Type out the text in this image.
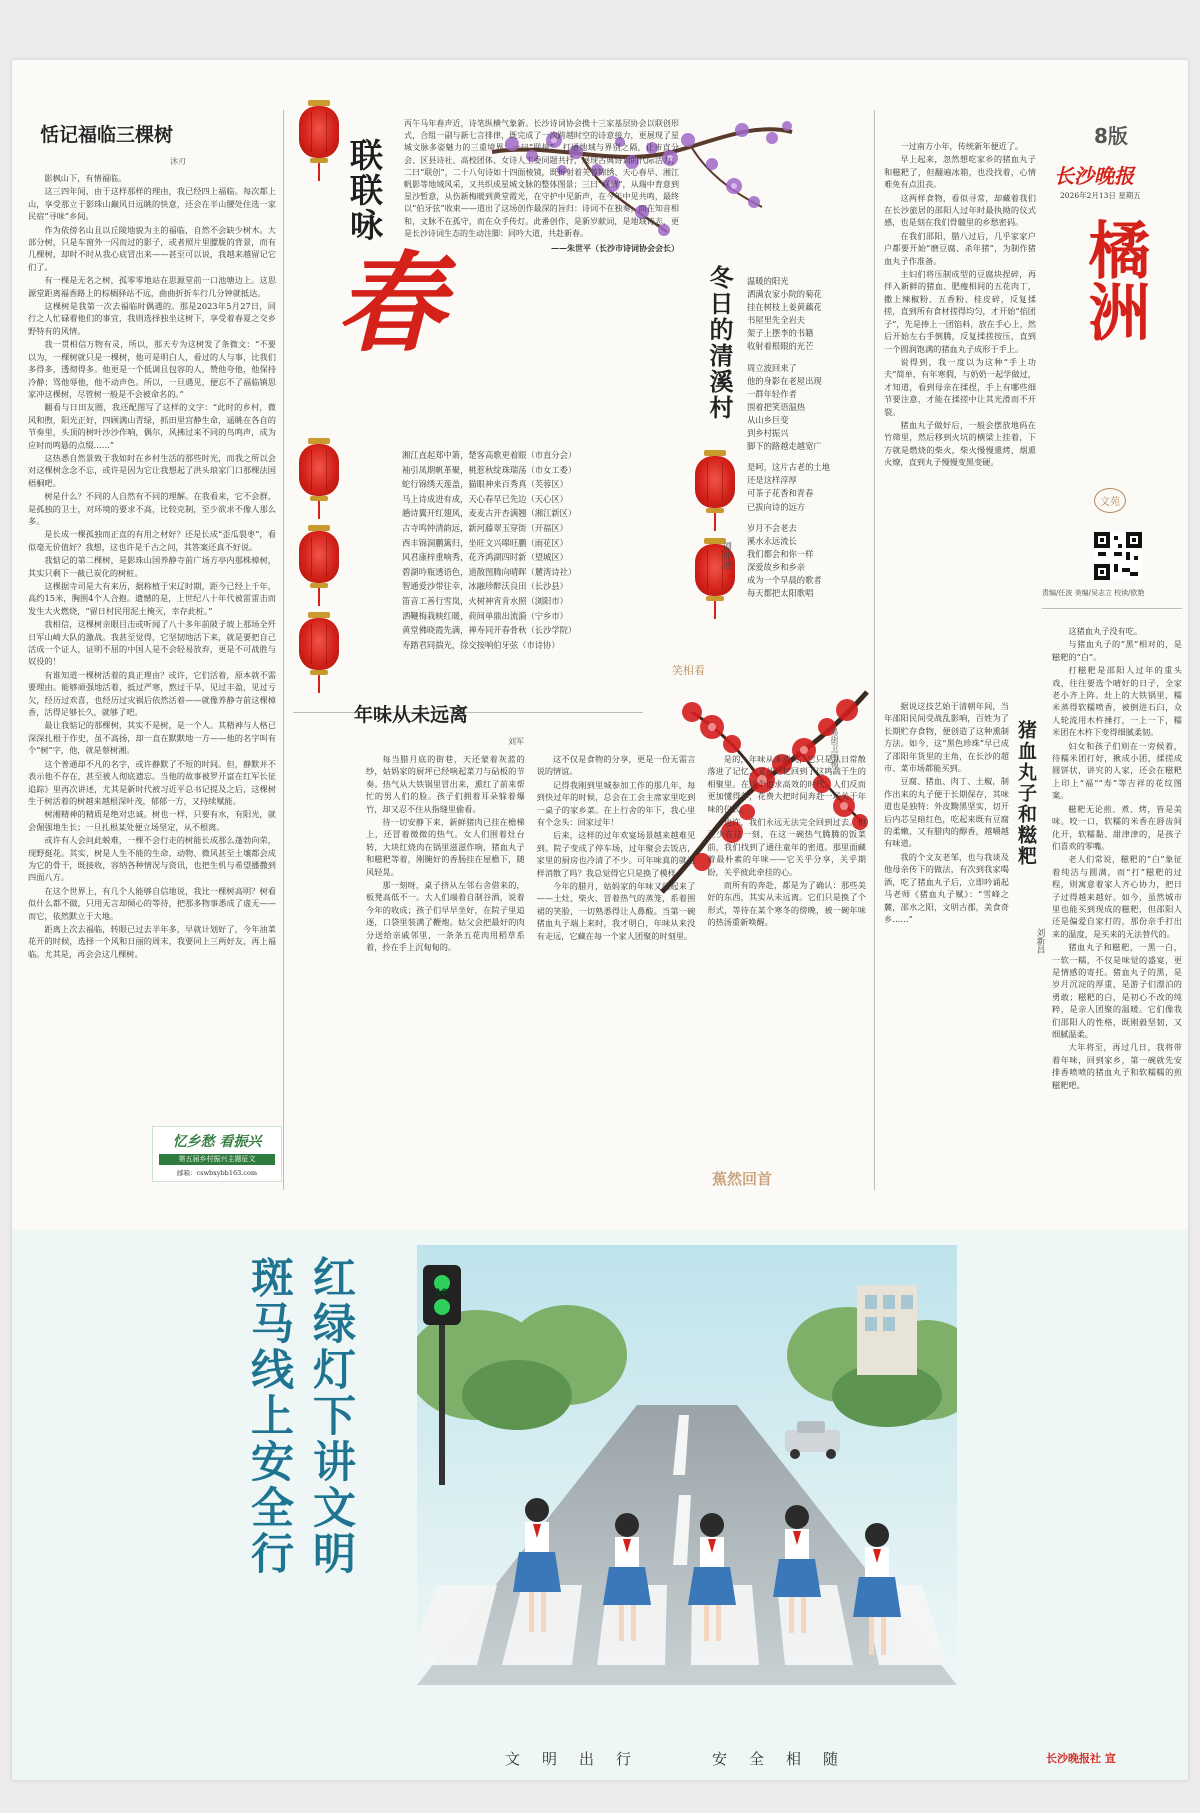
恬记福临三棵树
沐刃

影枫山下，有情福临。

这三四年间，由于这样那样的理由，我已经四上福临。每次都上山，享受那立于影珠山巅风日远眺的快意，还会在半山腰处住选一家民宿“寻味”乡间。

作为依傍名山且以丘陵地貌为主的福临，自然不会缺少树木。大部分树，只是车窗外一闪而过的影子，或者照片里朦胧的背景，而有几棵树，却时不时从我心底冒出来——甚至可以说，我越来越留记它们了。

有一棵是无名之树，孤零零地站在思源堂前一口池塘边上。这思源堂距离福香路上的棕榈驿站不远，曲曲折折车行几分钟就抵达。

这棵树是我第一次去福临时偶遇的。那是2023年5月27日，同行之人忙碌着他们的事宜，我则选择独坐这树下，享受着春夏之交乡野特有的风情。

我一贯相信万物有灵，所以，那天专为这树发了条微文：“不要以为，一棵树就只是一棵树，他可是明白人，看过的人与事，比我们多得多，透彻得多。他更是一个低调且包容的人，赞他夸他，他保持冷静；骂他辱他，他不动声色。所以，一旦遇见，便忘不了福临镇思家冲这棵树，尽管树一般是不会被命名的。”

翻看与日田友圈，我还配图写了这样的文字：“此时的乡村，微风和煦，阳光正好，四顾满山青绿，抓田里宫静生命，遥眺在各自的节奏里，头顶的树叶沙沙作响，偶尔，风拂过来不同的鸟鸣声，成为应时而鸣悬的点缀……”

这热悉自然景致于我如时在乡村生活的那些时光，而我之所以会对这棵树念念不忘，或许是因为它让我想起了洪头琅家门口那棵法国梧桐吧。

树是什么？不同的人自然有不同的理解。在我看来，它不会群，是孤独的卫士，对环境的要求不高，比较克制，至少欲求不像人那么多。

是长成一棵孤独而正直的有用之材好？还是长成“歪瓜裂枣”，看似毫无价值好？我想，这也许是千古之问，其答案还真不好说。

我惦记的第二棵树，是影珠山国养静寺前广场方亭内那株樟树，其实只剩下一截已炭化的树桩。

这棵据寺司是大有来历，据称植于宋辽时期，距今已经上千年，高约15米，胸围4个人合抱。遗憾的是，上世纪八十年代被雷雷击而发生大火燃烧，“留日村民用泥土掩灭，幸存此桩。”

我相信，这棵树亲眼目击或听闻了八十多年前陂子坡上那场全歼日军山崎大队的激战。我甚至觉得，它坚韧地活下来，就是要把自己活成一个证人，证明不屈的中国人是不会轻易放弃，更是不可战胜与奴役的！

有谁知道一棵树活着的真正理由？或许，它们活着，原本就不需要理由。能够顽强地活着，抵过严寒，熬过干旱，见过丰盈，见过亏欠，经历过欢喜，也经历过灾祸后依然活着——就像养静寺前这棵樟香，活得足够长久，就够了吧。

最让我惦记的那棵树，其实不是树，是一个人。其精神与人格已深深扎根于作史，虽不高扬，却一直在默默地一方——他的名字叫有个“树”字，他，就是蔡树湘。

这个普通却不凡的名字，或许静默了不短的时间。但，静默并不表示他不存在，甚至被人彻底遗忘。当他的故事被罗开富在红军长征追踪》里再次讲述，尤其是新时代被习近平总书记提及之后，这棵树生于树活着的树越来越根深叶茂，郁郁一方，又持续赋能。

树湘精神的精质是绝对忠诚。树也一样，只要有水，有阳光，就会倔强地生长；一旦扎根某处便立场坚定，从不根离。

或许有人会问此蜕难，一棵不会行走的树能长成那么蓬勃向荣，现野挺花。其实，树是人生不能的生命，动物、微风甚至土壤都会成为它的骨干，既接收，容纳各种情况与资讯，也把生机与希望播撒到四面八方。

在这个世界上，有几个人能够自信地说，我比一棵树高明？树看似什么都不做，只用无言却倾心的等待，把那多物事悉成了虚无——而它，依然默立于大地。

距离上次去福临，转眼已过去半年多，早就计划好了，今年油菜花开的时候，选择一个风和日丽的周末，我要同上三两好友，再上福临。尤其是，再会会这几棵树。

忆乡愁 看振兴
第五届乡村振兴主题征文
邮箱：cswbxybb163.com
联联咏
春
丙午马年春声近，诗笔纵横气象新。长沙诗词协会携十三家基层协会以联创形式，合组一副与新七言排律，既完成了一次跨越时空的诗意接力，更展现了星城文脉多姿魅力的三重境界：一曰“联接”，打通地域与界别之隔，让市直分会、区县诗社、高校团体、女诗人工委同题共抒，展现古典诗词的代际活力；二曰“联创”，二十八句诗如十四面棱镜，既折射着芙蓉锦绣、天心春早、湘江帆影等地域风采，又共织成星城文脉的整体图景；三曰“联情”，从瑞中育意到星沙暂意，从伤新梅暖到黄堂霞光，在守护中见新声，在今年中见共鸣，最终以“伯牙弦”收束——道出了这场创作最深的旨归：诗词不在独奏，而在知音相和，文脉不在孤守，而在众手传灯。此番创作，是新岁献词，是地域诗志，更是长沙诗词生态的生动注脚：同吟大道，共赴新春。
——朱世平（长沙市诗词协会会长）
湘江直起郑中箫，楚客高歌更着眼（市直分会）
袖引凤期帆革聚，桃惹秋绽珠瑞荡（市女工委）
蛇行锦绣天莲盖，猫眼神来百秀真（芙蓉区）
马上诗成进有成，天心春早已先边（天心区）
趟诗翼开红翅风，麦麦古开杏满翘（湘江新区）
古寺鸣钟清韵远，新河藤翠玉穿街（开福区）
西丰锦洞鹏篱归，坐旺文兴嗥旺鹏（雨花区）
风君康梓重响秀，花齐鸿湖四时新（望城区）
碧湖吟瓶透语色，道散图腾向晴晖（麓湾诗社）
智通爱沙带往幸，冰融珍醉沃良田（长沙县）
笛音工善行雪岚，火树神宵肯水照（浏阳市）
洒鞭梅栽映红暖，荷间单鼎出流漪（宁乡市）
黄堂佛晓霞先满，禅寿同开春骨秋（长沙学院）
寿踏君同揣光，徐交按响伯牙弦（市诗协）
笑相看
冬日的清溪村
谭仲池
温暖的阳光
洒满农家小院的菊花
挂在树枝上姜黄藕花
书屋里先全岩夫
架子上摆李的书籍
收射着根眼的光芒
周立波回来了
他的身影在老屋出现
一群年轻作者
围着把笑语温热
从山乡巨变
到乡村振兴
脚下的路越走越宽广
是呵，这片古老的土地
还是这样淳厚
可茶子花香和青春
已拔向诗的远方
岁月不会老去
溪水永远流长
我们都会和你一样
深爱故乡和乡亲
成为一个早晨的歌者
每天都把太阳歌唱
易街卫画梅
年味从未远离
刘军

每当腊月底的街巷，天还蒙着灰蓝的纱，姑妈家的厨坪已经响起菜刀与砧板的节奏。热气从大铁锅里冒出来，熏红了前来帮忙的男人们的脸。孩子们拥着耳朵躲着爆竹，却又忍不住从指缝里偷看。

待一切安静下来，新鲜猪肉已挂在檐梯上，还冒着微微的热气。女人们围着灶台转，大块红烧肉在锅里滋滋作响，猪血丸子和糍粑等着，刚腌好的香肠挂在屋檐下，随风轻晃。

那一刻呀，桌子挤从左邻右舍借来的，板凳高低不一。大人们端着自制谷酒，说着今年的收成；孩子们早早坐好，在院子里追逐，口袋里装满了鞭炮。姑父会把最好的肉分送给亲戚邻里，一条条五花肉用稻草系着，拎在手上沉甸甸的。

这不仅是食物的分享，更是一份无需言说的情谊。

记得我刚到里城参加工作的那几年，每到快过年的时候，总会在工会主席家里吃到一桌子的家乡菜。在上行舍的年下，我心里有个念头：回家过年！

后来，这样的过年欢宴场景越来越难见到。院子变成了停车场，过年聚会去饭店，家里的厨房也冷清了不少。可年味真的就这样消散了吗？我总觉得它只是换了模样。

今年的腊月，姑妈家的年味又闹起来了——土灶、柴火、冒着热气的蒸笼，系着围裙的笑脸，一切熟悉得让人鼻酸。当第一碗猪血丸子端上来时，我才明白，年味从来没有走远，它藏在每一个家人团聚的时刻里。

是的，年味从未消失，它只是从日常散落进了记忆，又从记忆回到了这鸣蔬于生的相聚里。在这个追求高效的时代，人们反而更加懂得年，花费大把时间奔赴一场关于年味的仪式。

也许，我们永远无法完全回到过去。但至少在这一刻，在这一碗热气腾腾的饭菜前，我们找到了通往童年的密道。那里面藏着最朴素的年味——它关乎分享，关乎期盼，关乎彼此牵挂的心。

而所有的奔赴，都是为了确认：那些美好的东西，其实从未远离。它们只是换了个形式，等待在某个寒冬的傍晚，被一碗年味的热汤重新唤醒。

蕉然回首

一过南方小年，传统新年便近了。

早上起来，忽然想吃家乡的猪血丸子和糍粑了，但翻遍冰箱，也没找着，心情难免有点沮丧。

这两样食物，看似寻常，却藏着我们在长沙旅居的邵阳人过年时最执拗的仪式感，也是刻在我们骨髓里的乡愁密码。

在我们邵阳，腊八过后，几乎家家户户都要开始“磨豆腐、杀年猪”，为制作猪血丸子作准备。

主妇们将压制成型的豆腐块捏碎，再拌入新鲜的猪血、肥瘦相间的五花肉丁，撒上辣椒粉、五香粉、桂皮碎，反复揉搓，直到所有食材搓得均匀，才开始“掐团子”，先是捧上一团馅料，放在手心上，然后开始左右手倒腾，反复揉搓按压，直到一个圆润饱满的猪血丸子成形于手上。

说得到，我一度以为这种“手上功夫”简单，有年寒假，与奶奶一起学做过，才知道，看到母亲在揉捏，手上有哪些细节要注意，才能在揉搓中让其光滑而不开裂。

猪血丸子做好后，一般会摆放地码在竹筛里，然后移到火坑的横梁上挂着，下方就是燃烧的柴火，柴火慢慢熏烤，烟熏火燎，直到丸子慢慢变黑变硬。

8版
长沙晚报
2026年2月13日 星期五
橘洲
文苑
责编/任波 美编/吴志立 校读/欧艳
猪血丸子和糍粑
刘新昌

据说这技艺始于清朝年间，当年邵阳民间受战乱影响，百姓为了长期贮存食物，便创造了这种熏制方法。如今，这“黑色珍珠”早已成了邵阳年货里的主角，在长沙的超市、菜市场都能买到。

豆腐、猪血、肉丁、土椒，制作出来的丸子便于长期保存，其味道也是独特：外皮黝黑坚实，切开后内芯呈暗红色，吃起来既有豆腐的柔嫩，又有腊肉的醇香，越嚼越有味道。

我的个文友老邹，也与我谈及他母亲传下的做法，有次到我家喝酒，吃了猪血丸子后，立即吟诵起马老师《猪血丸子赋》：“雪峰之麓，邵水之阳，文明古郡，美食奇乡……”

这猪血丸子没有吃。

与猪血丸子的“黑”相对的，是糍粑的“白”。

打糍粑是邵阳人过年的重头戏，往往要选个晴好的日子，全家老小齐上阵。灶上的大铁锅里，糯米蒸得软糯喷香，被倒进石臼，众人轮流用木杵捶打，一上一下，糯米团在木杵下变得细腻柔韧。

妇女和孩子们则在一旁候着，待糯米团打好，揪成小团，揉搓成圆饼状，讲究的人家，还会在糍粑上印上“福”“寿”等吉祥的花纹图案。

糍粑无论煎、煮、烤，皆是美味。咬一口，软糯的米香在唇齿间化开，软糯黏、甜津津的，是孩子们喜欢的零嘴。

老人们常说，糍粑的“白”象征着纯洁与圆满，而“打”糍粑的过程，则寓意着家人齐心协力，把日子过得越来越好。如今，虽然城市里也能买到现成的糍粑，但邵阳人还是偏爱自家打的，那份亲手打出来的温度，是买来的无法替代的。

猪血丸子和糍粑，一黑一白，一软一糯，不仅是味觉的盛宴，更是情感的寄托。猪血丸子的黑，是岁月沉淀的厚重，是游子们漂泊的勇敢；糍粑的白，是初心不改的纯粹，是亲人团聚的温暖。它们像我们邵阳人的性格，既刚毅坚韧，又细腻温柔。

大年将至，再过几日，我将带着年味，回到家乡，第一碗就先安排香喷喷的猪血丸子和软糯糯的煎糍粑吧。

红绿灯下讲文明
斑马线上安全行	10
文明出行	安全相随	长沙晚报社 宣
